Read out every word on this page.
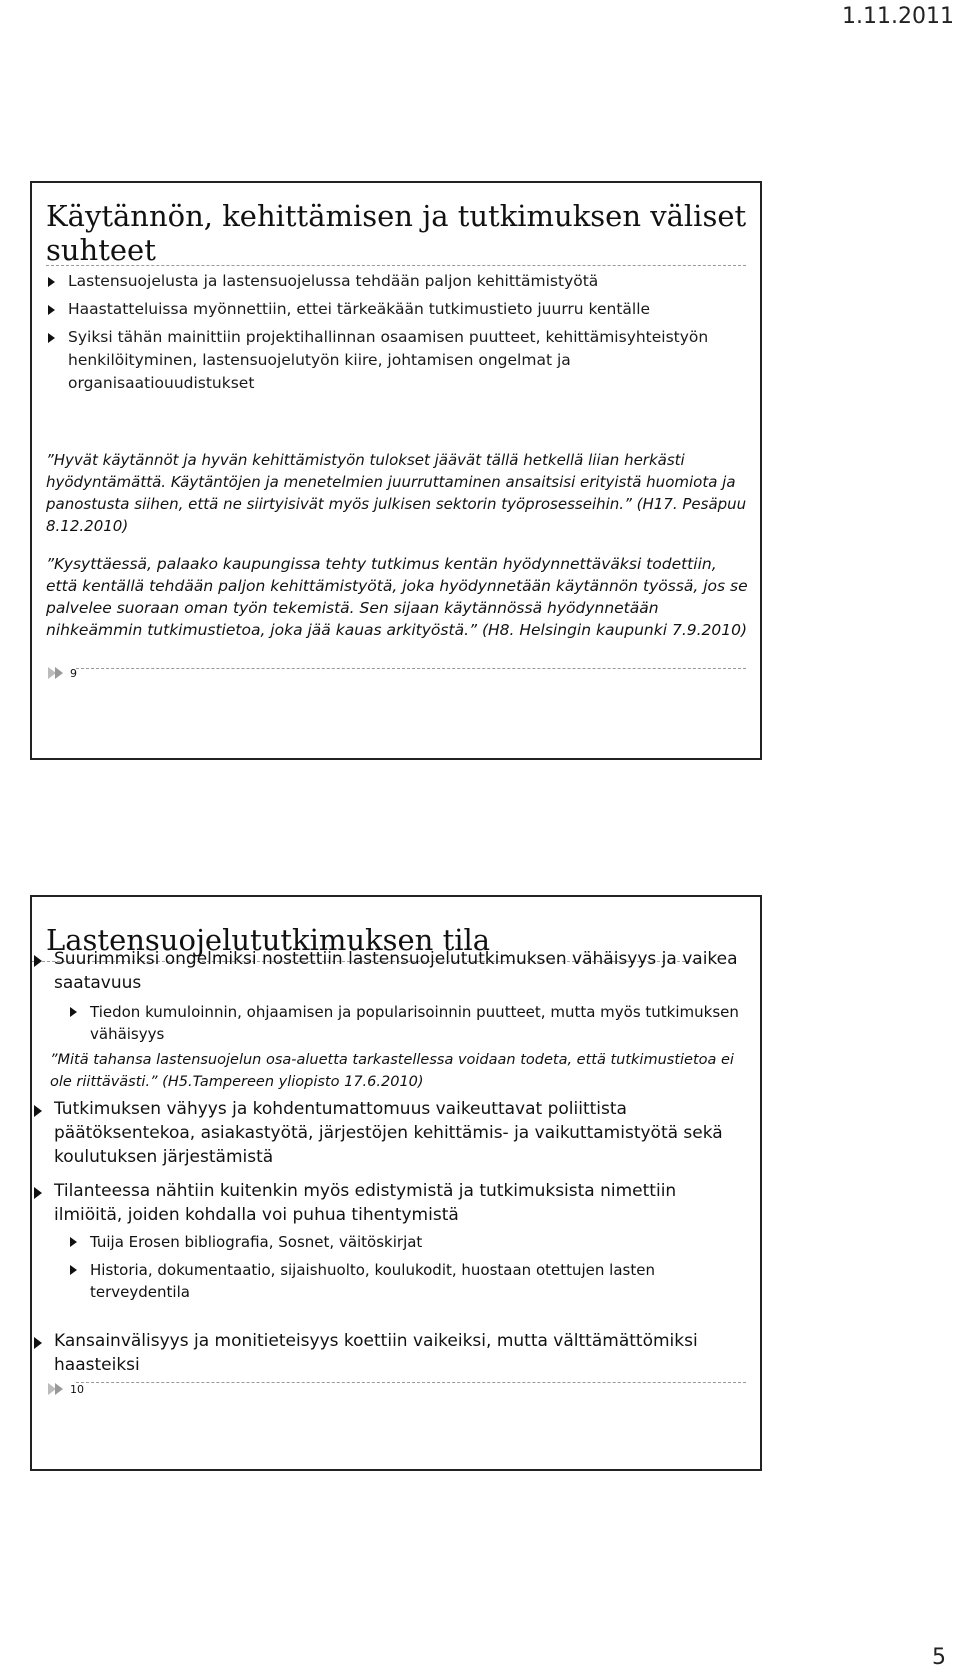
1.11.2011
Käytännön, kehittämisen ja tutkimuksen väliset suhteet
Lastensuojelusta ja lastensuojelussa tehdään paljon kehittämistyötä
Haastatteluissa myönnettiin, ettei tärkeäkään tutkimustieto juurru kentälle
Syiksi tähän mainittiin projektihallinnan osaamisen puutteet, kehittämisyhteistyön henkilöityminen, lastensuojelutyön kiire, johtamisen ongelmat ja organisaatiouudistukset

”Hyvät käytännöt ja hyvän kehittämistyön tulokset jäävät tällä hetkellä liian herkästi hyödyntämättä. Käytäntöjen ja menetelmien juurruttaminen ansaitsisi erityistä huomiota ja panostusta siihen, että ne siirtyisivät myös julkisen sektorin työprosesseihin.” (H17. Pesäpuu 8.12.2010)

”Kysyttäessä, palaako kaupungissa tehty tutkimus kentän hyödynnettäväksi todettiin, että kentällä tehdään paljon kehittämistyötä, joka hyödynnetään käytännön työssä, jos se palvelee suoraan oman työn tekemistä. Sen sijaan käytännössä hyödynnetään nihkeämmin tutkimustietoa, joka jää kauas arkityöstä.” (H8. Helsingin kaupunki 7.9.2010)

9
Lastensuojelututkimuksen tila
Suurimmiksi ongelmiksi nostettiin lastensuojelututkimuksen vähäisyys ja vaikea saatavuus
Tiedon kumuloinnin, ohjaamisen ja popularisoinnin puutteet, mutta myös tutkimuksen vähäisyys

”Mitä tahansa lastensuojelun osa-aluetta tarkastellessa voidaan todeta, että tutkimustietoa ei ole riittävästi.” (H5.Tampereen yliopisto 17.6.2010)

Tutkimuksen vähyys ja kohdentumattomuus vaikeuttavat poliittista päätöksentekoa, asiakastyötä, järjestöjen kehittämis- ja vaikuttamistyötä sekä koulutuksen järjestämistä
Tilanteessa nähtiin kuitenkin myös edistymistä ja tutkimuksista nimettiin ilmiöitä, joiden kohdalla voi puhua tihentymistä
Tuija Erosen bibliografia, Sosnet, väitöskirjat
Historia, dokumentaatio, sijaishuolto, koulukodit, huostaan otettujen lasten terveydentila
Kansainvälisyys ja monitieteisyys koettiin vaikeiksi, mutta välttämättömiksi haasteiksi
10
5
